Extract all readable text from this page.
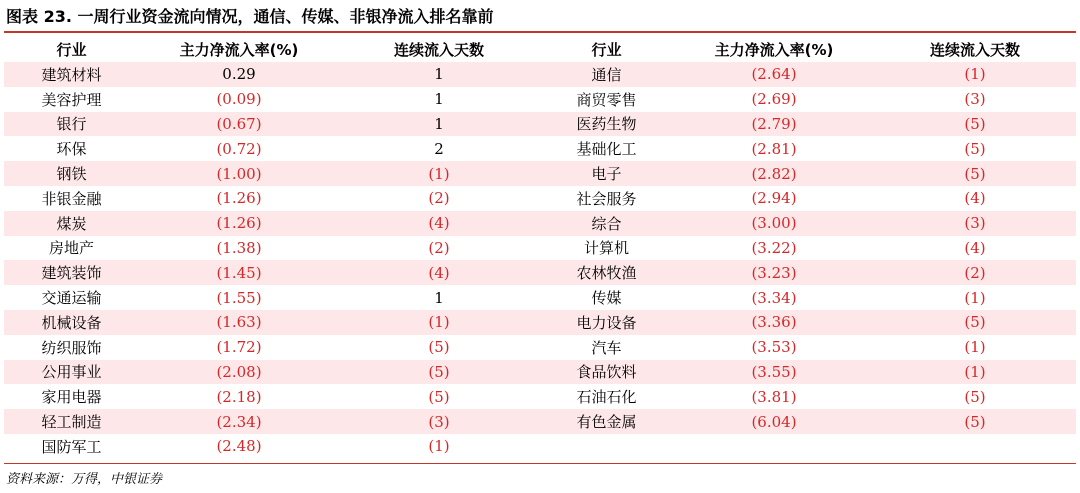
图表 23. 一周行业资金流向情况，通信、传媒、非银净流入排名靠前
行业	主力净流入率(%)	连续流入天数	行业	主力净流入率(%)	连续流入天数
建筑材料	0.29	1	通信	(2.64)	(1)
美容护理	(0.09)	1	商贸零售	(2.69)	(3)
银行	(0.67)	1	医药生物	(2.79)	(5)
环保	(0.72)	2	基础化工	(2.81)	(5)
钢铁	(1.00)	(1)	电子	(2.82)	(5)
非银金融	(1.26)	(2)	社会服务	(2.94)	(4)
煤炭	(1.26)	(4)	综合	(3.00)	(3)
房地产	(1.38)	(2)	计算机	(3.22)	(4)
建筑装饰	(1.45)	(4)	农林牧渔	(3.23)	(2)
交通运输	(1.55)	1	传媒	(3.34)	(1)
机械设备	(1.63)	(1)	电力设备	(3.36)	(5)
纺织服饰	(1.72)	(5)	汽车	(3.53)	(1)
公用事业	(2.08)	(5)	食品饮料	(3.55)	(1)
家用电器	(2.18)	(5)	石油石化	(3.81)	(5)
轻工制造	(2.34)	(3)	有色金属	(6.04)	(5)
国防军工	(2.48)	(1)			
资料来源：万得，中银证券
